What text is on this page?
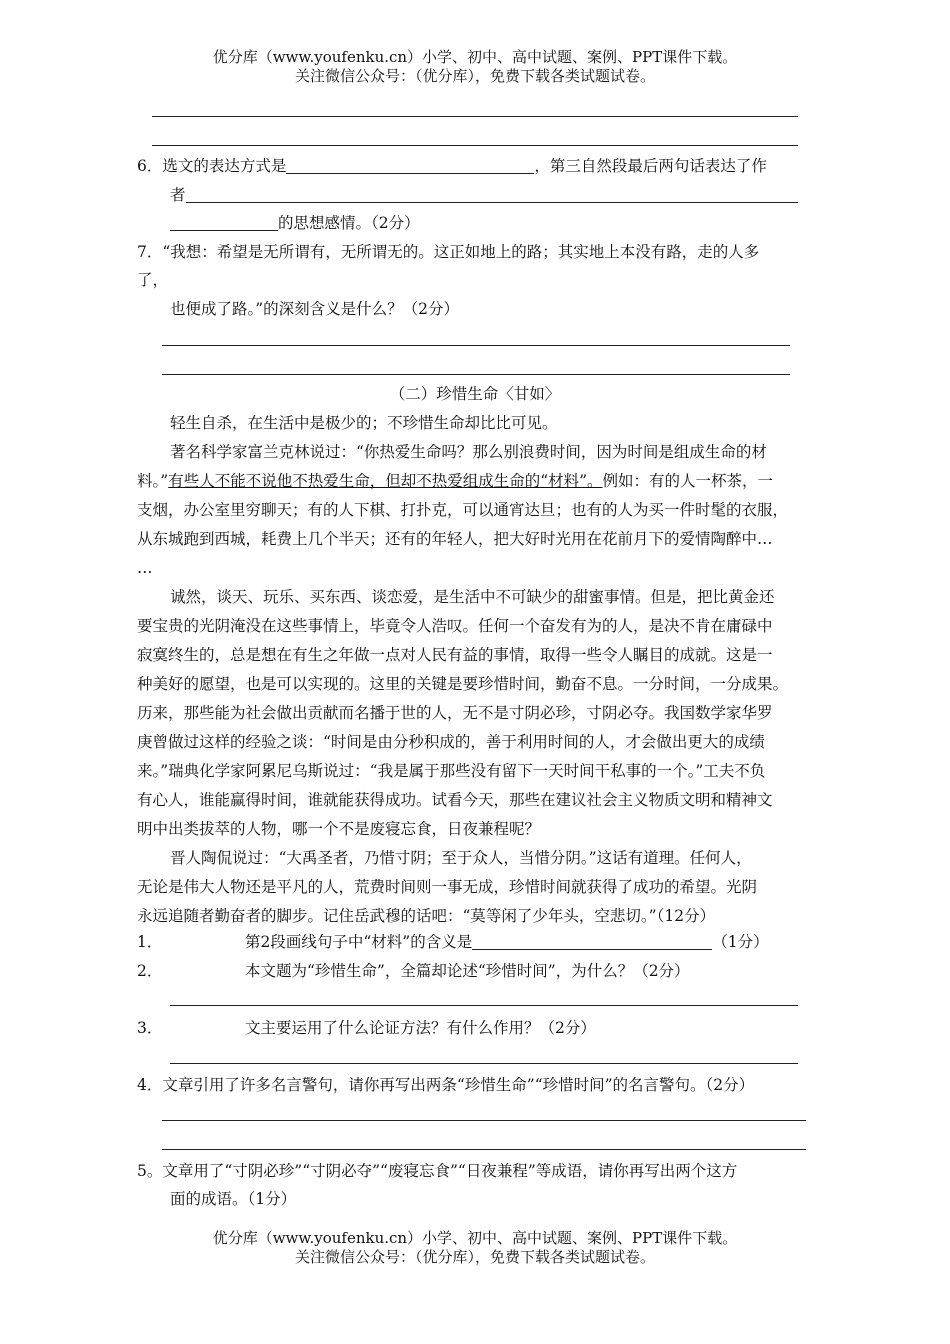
优分库（www.youfenku.cn）小学、初中、高中试题、案例、PPT课件下载。
关注微信公众号：（优分库），免费下载各类试题试卷。
6．选文的表达方式是	，第三自然段最后两句话表达了作
者
的思想感情。（2分）
7．“我想：希望是无所谓有，无所谓无的。这正如地上的路；其实地上本没有路，走的人多
了，
也便成了路。”的深刻含义是什么？（2分）
（二）珍惜生命〈甘如〉
轻生自杀，在生活中是极少的；不珍惜生命却比比可见。
著名科学家富兰克林说过：“你热爱生命吗？那么别浪费时间，因为时间是组成生命的材
料。”有些人不能不说他不热爱生命，但却不热爱组成生命的“材料”。例如：有的人一杯茶，一
支烟，办公室里穷聊天；有的人下棋、打扑克，可以通宵达旦；也有的人为买一件时髦的衣服，
从东城跑到西城，耗费上几个半天；还有的年轻人，把大好时光用在花前月下的爱情陶醉中…
…
诚然，谈天、玩乐、买东西、谈恋爱，是生活中不可缺少的甜蜜事情。但是，把比黄金还
要宝贵的光阴淹没在这些事情上，毕竟令人浩叹。任何一个奋发有为的人，是决不肯在庸碌中
寂寞终生的，总是想在有生之年做一点对人民有益的事情，取得一些令人瞩目的成就。这是一
种美好的愿望，也是可以实现的。这里的关键是要珍惜时间，勤奋不息。一分时间，一分成果。
历来，那些能为社会做出贡献而名播于世的人，无不是寸阴必珍，寸阴必夺。我国数学家华罗
庚曾做过这样的经验之谈：“时间是由分秒积成的，善于利用时间的人，才会做出更大的成绩
来。”瑞典化学家阿累尼乌斯说过：“我是属于那些没有留下一天时间干私事的一个。”工夫不负
有心人，谁能赢得时间，谁就能获得成功。试看今天，那些在建议社会主义物质文明和精神文
明中出类拔萃的人物，哪一个不是废寝忘食，日夜兼程呢？
晋人陶侃说过：“大禹圣者，乃惜寸阴；至于众人，当惜分阴。”这话有道理。任何人，
无论是伟大人物还是平凡的人，荒费时间则一事无成，珍惜时间就获得了成功的希望。光阴
永远追随者勤奋者的脚步。记住岳武穆的话吧：“莫等闲了少年头，空悲切。”（12分）
1．	第2段画线句子中“材料”的含义是	（1分）
2．	本文题为“珍惜生命”，全篇却论述“珍惜时间”，为什么？（2分）
3．	文主要运用了什么论证方法？有什么作用？（2分）
4．文章引用了许多名言警句，请你再写出两条“珍惜生命”“珍惜时间”的名言警句。（2分）
5。文章用了“寸阴必珍”“寸阴必夺”“废寝忘食”“日夜兼程”等成语，请你再写出两个这方
面的成语。（1分）
优分库（www.youfenku.cn）小学、初中、高中试题、案例、PPT课件下载。
关注微信公众号：（优分库），免费下载各类试题试卷。
